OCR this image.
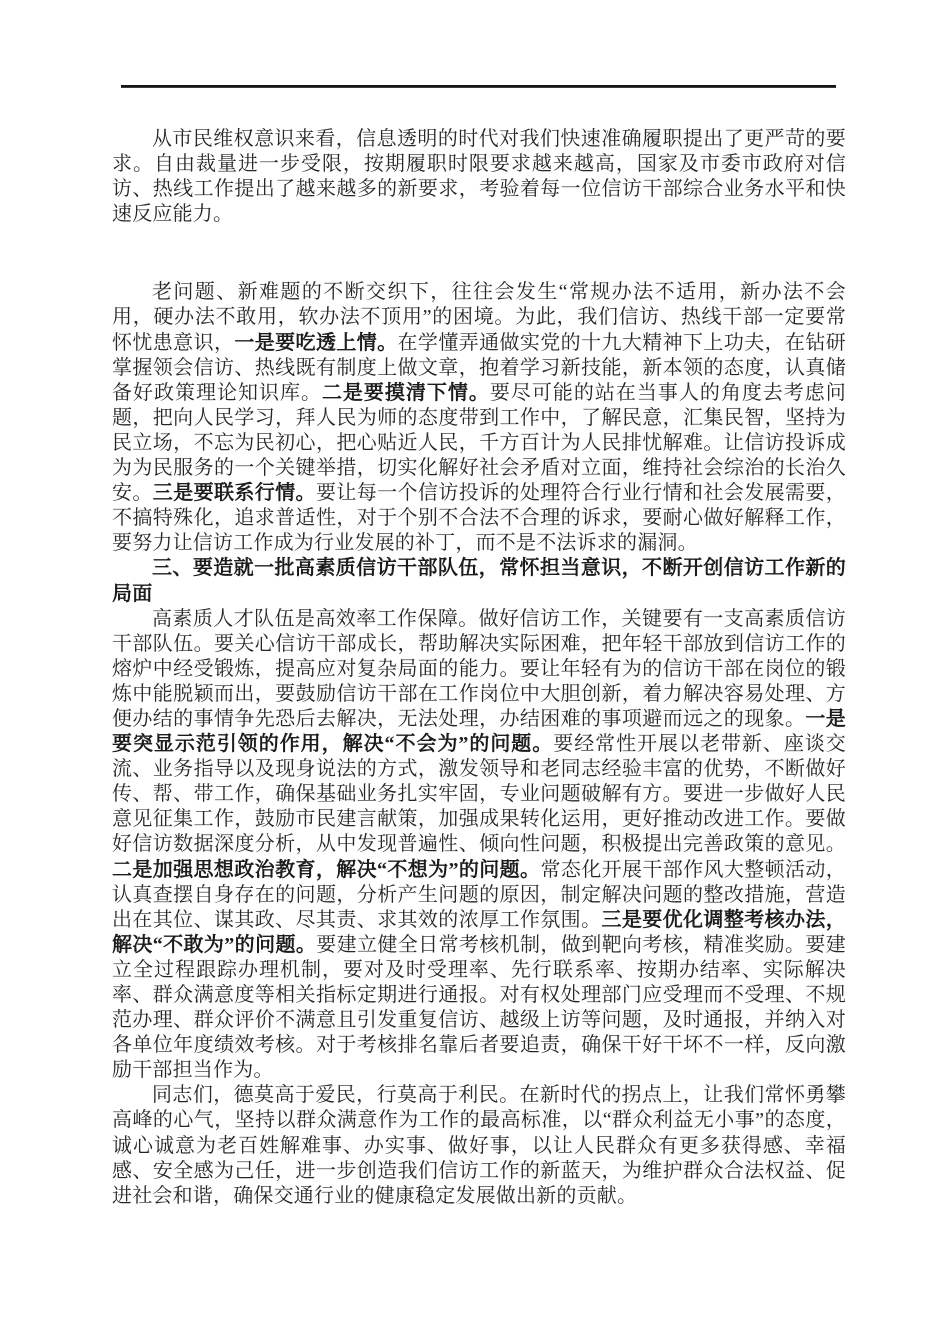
从市民维权意识来看，信息透明的时代对我们快速准确履职提出了更严苛的要求。自由裁量进一步受限，按期履职时限要求越来越高，国家及市委市政府对信访、热线工作提出了越来越多的新要求，考验着每一位信访干部综合业务水平和快速反应能力。

老问题、新难题的不断交织下，往往会发生“常规办法不适用，新办法不会用，硬办法不敢用，软办法不顶用”的困境。为此，我们信访、热线干部一定要常怀忧患意识，一是要吃透上情。在学懂弄通做实党的十九大精神下上功夫，在钻研掌握领会信访、热线既有制度上做文章，抱着学习新技能，新本领的态度，认真储备好政策理论知识库。二是要摸清下情。要尽可能的站在当事人的角度去考虑问题，把向人民学习，拜人民为师的态度带到工作中，了解民意，汇集民智，坚持为民立场，不忘为民初心，把心贴近人民，千方百计为人民排忧解难。让信访投诉成为为民服务的一个关键举措，切实化解好社会矛盾对立面，维持社会综治的长治久安。三是要联系行情。要让每一个信访投诉的处理符合行业行情和社会发展需要，不搞特殊化，追求普适性，对于个别不合法不合理的诉求，要耐心做好解释工作，要努力让信访工作成为行业发展的补丁，而不是不法诉求的漏洞。

三、要造就一批高素质信访干部队伍，常怀担当意识，不断开创信访工作新的局面

高素质人才队伍是高效率工作保障。做好信访工作，关键要有一支高素质信访干部队伍。要关心信访干部成长，帮助解决实际困难，把年轻干部放到信访工作的熔炉中经受锻炼，提高应对复杂局面的能力。要让年轻有为的信访干部在岗位的锻炼中能脱颖而出，要鼓励信访干部在工作岗位中大胆创新，着力解决容易处理、方便办结的事情争先恐后去解决，无法处理，办结困难的事项避而远之的现象。一是要突显示范引领的作用，解决“不会为”的问题。要经常性开展以老带新、座谈交流、业务指导以及现身说法的方式，激发领导和老同志经验丰富的优势，不断做好传、帮、带工作，确保基础业务扎实牢固，专业问题破解有方。要进一步做好人民意见征集工作，鼓励市民建言献策，加强成果转化运用，更好推动改进工作。要做好信访数据深度分析，从中发现普遍性、倾向性问题，积极提出完善政策的意见。二是加强思想政治教育，解决“不想为”的问题。常态化开展干部作风大整顿活动，认真查摆自身存在的问题，分析产生问题的原因，制定解决问题的整改措施，营造出在其位、谋其政、尽其责、求其效的浓厚工作氛围。三是要优化调整考核办法，解决“不敢为”的问题。要建立健全日常考核机制，做到靶向考核，精准奖励。要建立全过程跟踪办理机制，要对及时受理率、先行联系率、按期办结率、实际解决率、群众满意度等相关指标定期进行通报。对有权处理部门应受理而不受理、不规范办理、群众评价不满意且引发重复信访、越级上访等问题，及时通报，并纳入对各单位年度绩效考核。对于考核排名靠后者要追责，确保干好干坏不一样，反向激励干部担当作为。

同志们，德莫高于爱民，行莫高于利民。在新时代的拐点上，让我们常怀勇攀高峰的心气，坚持以群众满意作为工作的最高标准，以“群众利益无小事”的态度，诚心诚意为老百姓解难事、办实事、做好事，以让人民群众有更多获得感、幸福感、安全感为己任，进一步创造我们信访工作的新蓝天，为维护群众合法权益、促进社会和谐，确保交通行业的健康稳定发展做出新的贡献。
